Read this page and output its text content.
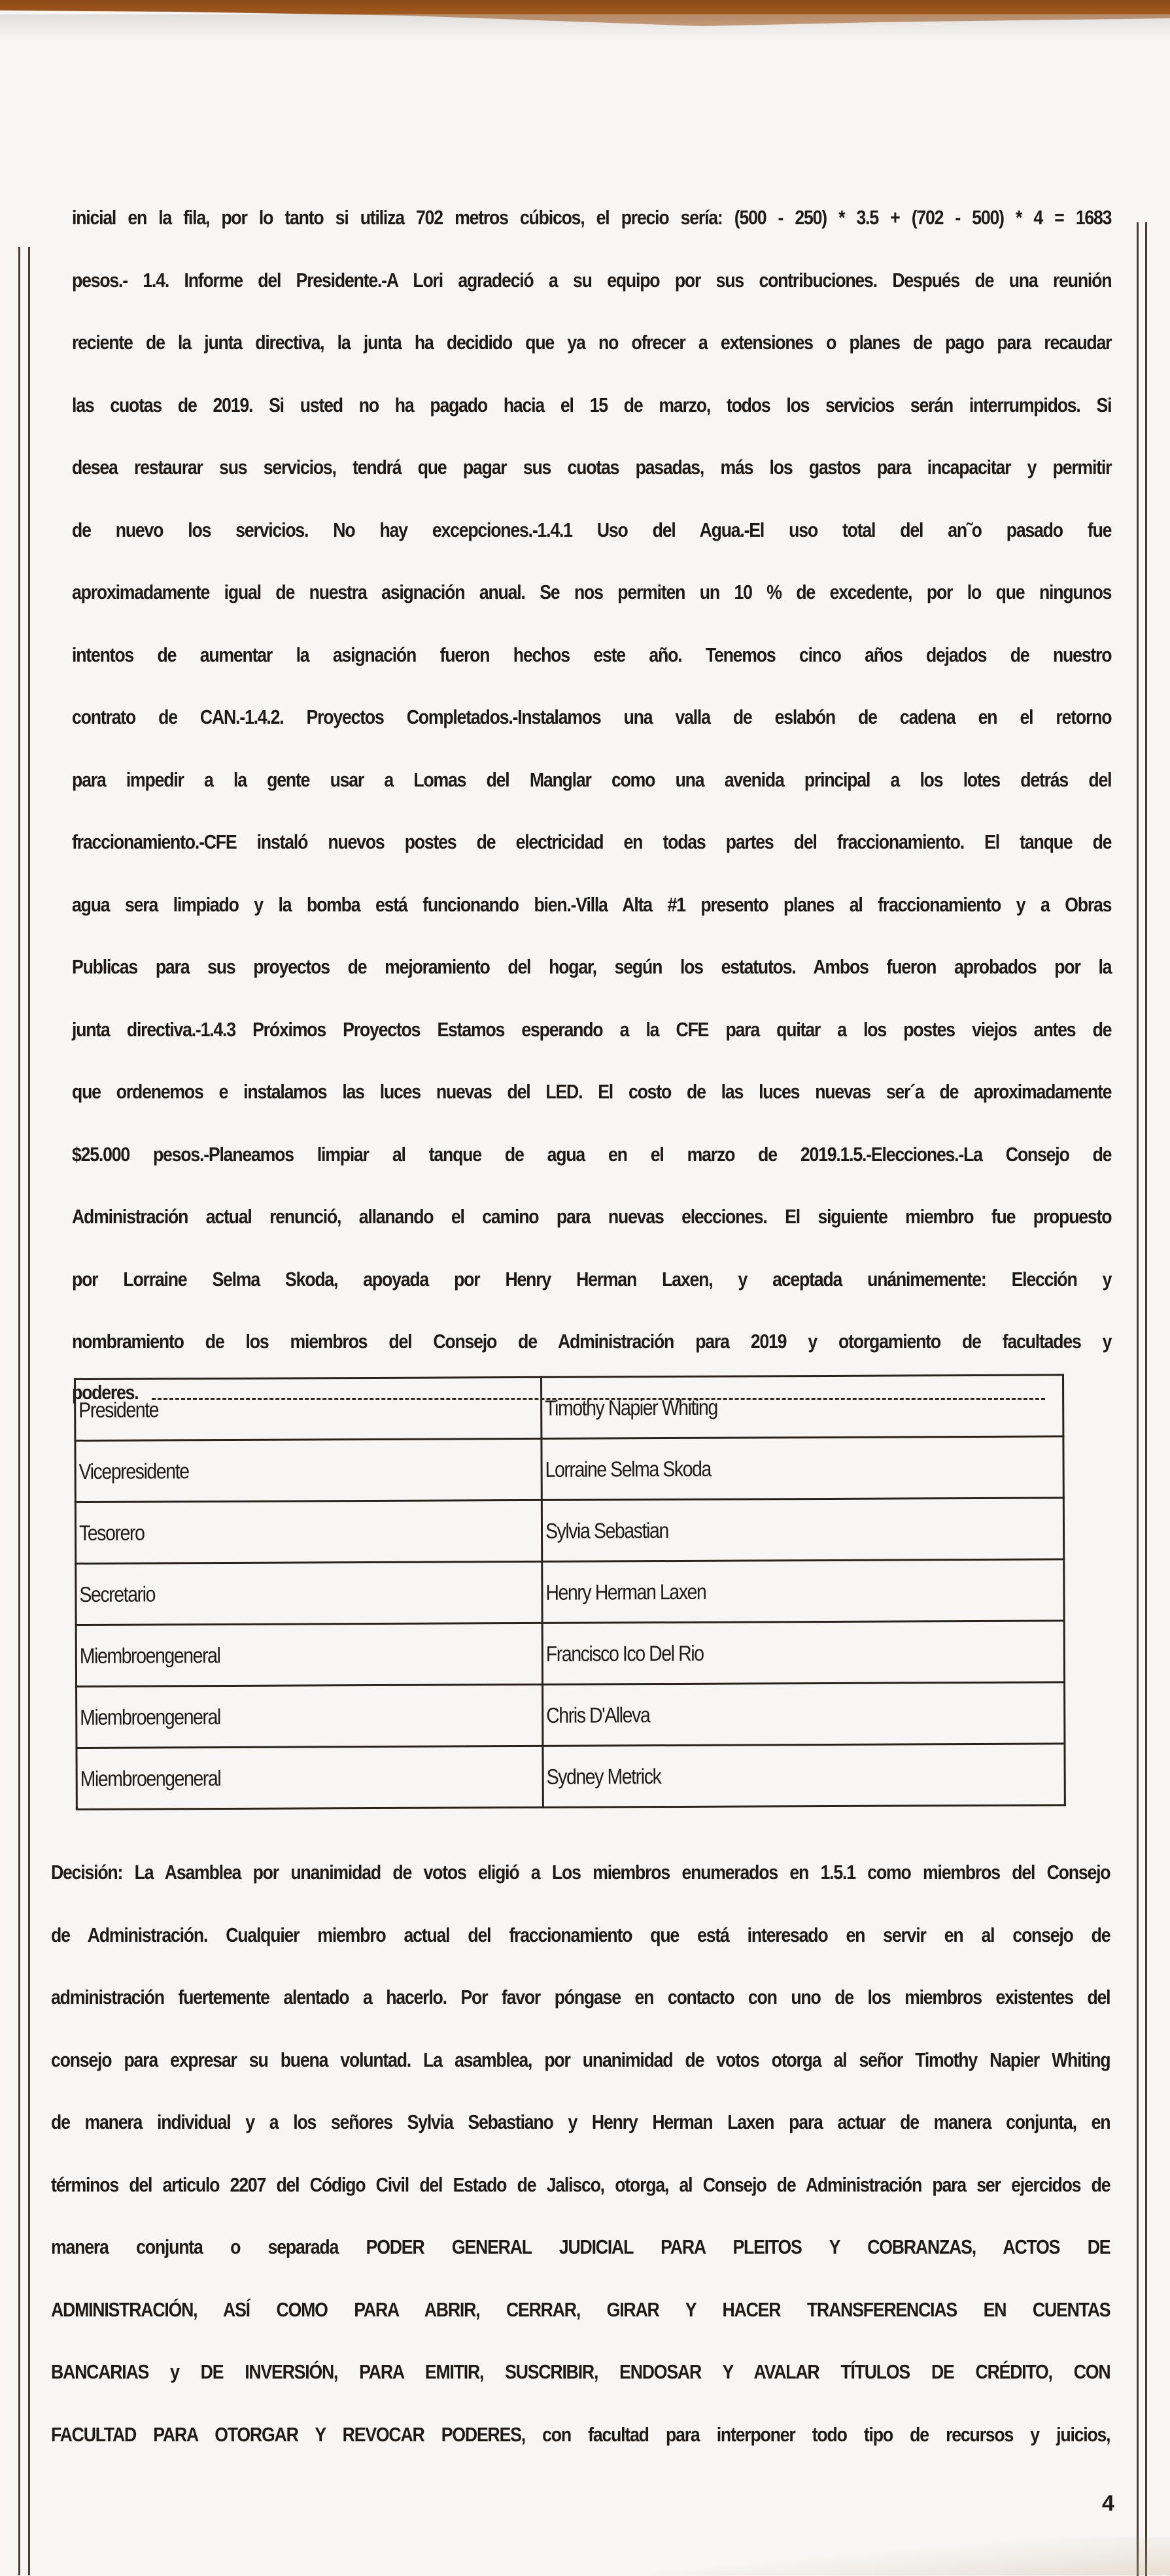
inicial en la fila, por lo tanto si utiliza 702 metros cúbicos, el precio sería: (500 - 250) * 3.5 + (702 - 500) * 4 = 1683
pesos.- 1.4. Informe del Presidente.-A Lori agradeció a su equipo por sus contribuciones. Después de una reunión
reciente de la junta directiva, la junta ha decidido que ya no ofrecer a extensiones o planes de pago para recaudar
las cuotas de 2019. Si usted no ha pagado hacia el 15 de marzo, todos los servicios serán interrumpidos. Si
desea restaurar sus servicios, tendrá que pagar sus cuotas pasadas, más los gastos para incapacitar y permitir
de nuevo los servicios. No hay excepciones.-1.4.1 Uso del Agua.-El uso total del an˜o pasado fue
aproximadamente igual de nuestra asignación anual. Se nos permiten un 10 % de excedente, por lo que ningunos
intentos de aumentar la asignación fueron hechos este año. Tenemos cinco años dejados de nuestro
contrato de CAN.-1.4.2. Proyectos Completados.-Instalamos una valla de eslabón de cadena en el retorno
para impedir a la gente usar a Lomas del Manglar como una avenida principal a los lotes detrás del
fraccionamiento.-CFE instaló nuevos postes de electricidad en todas partes del fraccionamiento. El tanque de
agua sera limpiado y la bomba está funcionando bien.-Villa Alta #1 presento planes al fraccionamiento y a Obras
Publicas para sus proyectos de mejoramiento del hogar, según los estatutos. Ambos fueron aprobados por la
junta directiva.-1.4.3 Próximos Proyectos Estamos esperando a la CFE para quitar a los postes viejos antes de
que ordenemos e instalamos las luces nuevas del LED. El costo de las luces nuevas ser´a de aproximadamente
$25.000 pesos.-Planeamos limpiar al tanque de agua en el marzo de 2019.1.5.-Elecciones.-La Consejo de
Administración actual renunció, allanando el camino para nuevas elecciones. El siguiente miembro fue propuesto
por Lorraine Selma Skoda, apoyada por Henry Herman Laxen, y aceptada unánimemente: Elección y
nombramiento de los miembros del Consejo de Administración para 2019 y otorgamiento de facultades y
poderes.
Presidente	Timothy Napier Whiting
Vicepresidente	Lorraine Selma Skoda
Tesorero	Sylvia Sebastian
Secretario	Henry Herman Laxen
Miembroengeneral	Francisco Ico Del Rio
Miembroengeneral	Chris D'Alleva
Miembroengeneral	Sydney Metrick
Decisión: La Asamblea por unanimidad de votos eligió a Los miembros enumerados en 1.5.1 como miembros del Consejo
de Administración. Cualquier miembro actual del fraccionamiento que está interesado en servir en al consejo de
administración fuertemente alentado a hacerlo. Por favor póngase en contacto con uno de los miembros existentes del
consejo para expresar su buena voluntad. La asamblea, por unanimidad de votos otorga al señor Timothy Napier Whiting
de manera individual y a los señores Sylvia Sebastiano y Henry Herman Laxen para actuar de manera conjunta, en
términos del articulo 2207 del Código Civil del Estado de Jalisco, otorga, al Consejo de Administración para ser ejercidos de
manera conjunta o separada PODER GENERAL JUDICIAL PARA PLEITOS Y COBRANZAS, ACTOS DE
ADMINISTRACIÓN, ASÍ COMO PARA ABRIR, CERRAR, GIRAR Y HACER TRANSFERENCIAS EN CUENTAS
BANCARIAS y DE INVERSIÓN, PARA EMITIR, SUSCRIBIR, ENDOSAR Y AVALAR TÍTULOS DE CRÉDITO, CON
FACULTAD PARA OTORGAR Y REVOCAR PODERES, con facultad para interponer todo tipo de recursos y juicios,
4
